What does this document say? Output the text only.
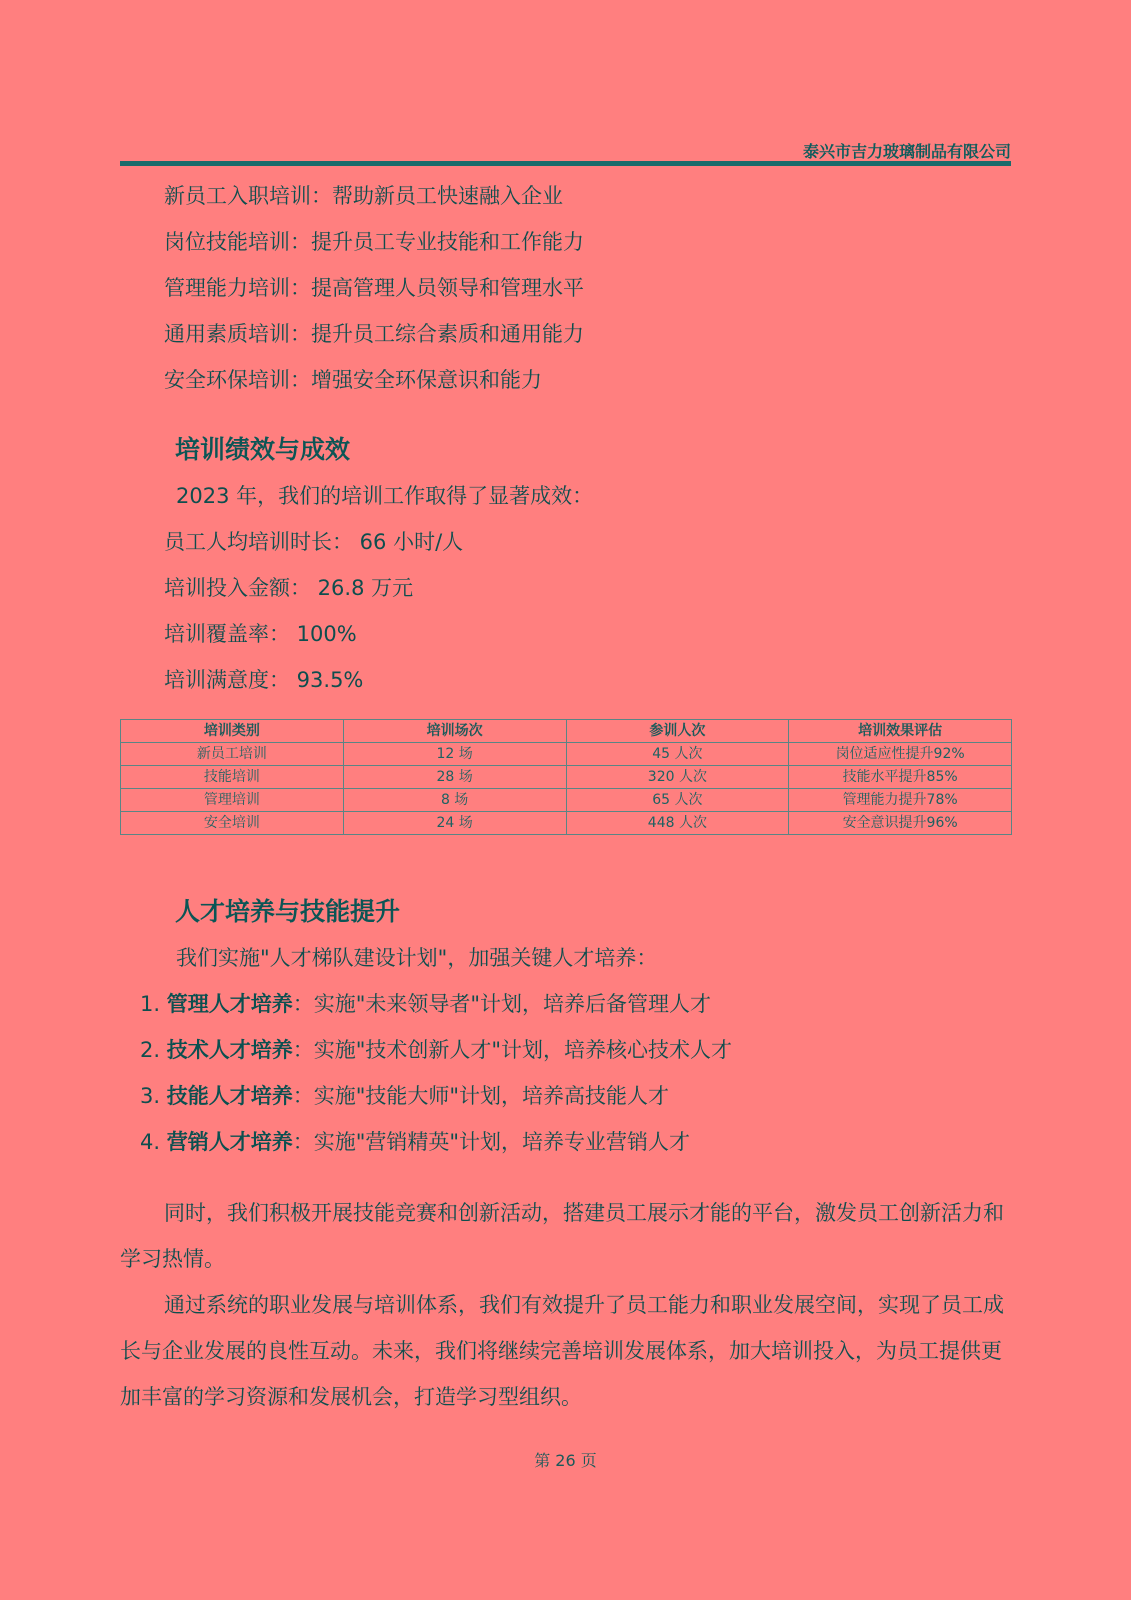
泰兴市吉力玻璃制品有限公司
新员工入职培训：帮助新员工快速融入企业
岗位技能培训：提升员工专业技能和工作能力
管理能力培训：提高管理人员领导和管理水平
通用素质培训：提升员工综合素质和通用能力
安全环保培训：增强安全环保意识和能力
培训绩效与成效
2023 年，我们的培训工作取得了显著成效：
员工人均培训时长： 66 小时/人
培训投入金额： 26.8 万元
培训覆盖率： 100%
培训满意度： 93.5%
培训类别	培训场次	参训人次	培训效果评估
新员工培训	12 场	45 人次	岗位适应性提升92%
技能培训	28 场	320 人次	技能水平提升85%
管理培训	8 场	65 人次	管理能力提升78%
安全培训	24 场	448 人次	安全意识提升96%
人才培养与技能提升
我们实施"人才梯队建设计划"，加强关键人才培养：
1. 管理人才培养：实施"未来领导者"计划，培养后备管理人才
2. 技术人才培养：实施"技术创新人才"计划，培养核心技术人才
3. 技能人才培养：实施"技能大师"计划，培养高技能人才
4. 营销人才培养：实施"营销精英"计划，培养专业营销人才
同时，我们积极开展技能竞赛和创新活动，搭建员工展示才能的平台，激发员工创新活力和学习热情。
通过系统的职业发展与培训体系，我们有效提升了员工能力和职业发展空间，实现了员工成长与企业发展的良性互动。未来，我们将继续完善培训发展体系，加大培训投入，为员工提供更加丰富的学习资源和发展机会，打造学习型组织。
第 26 页
